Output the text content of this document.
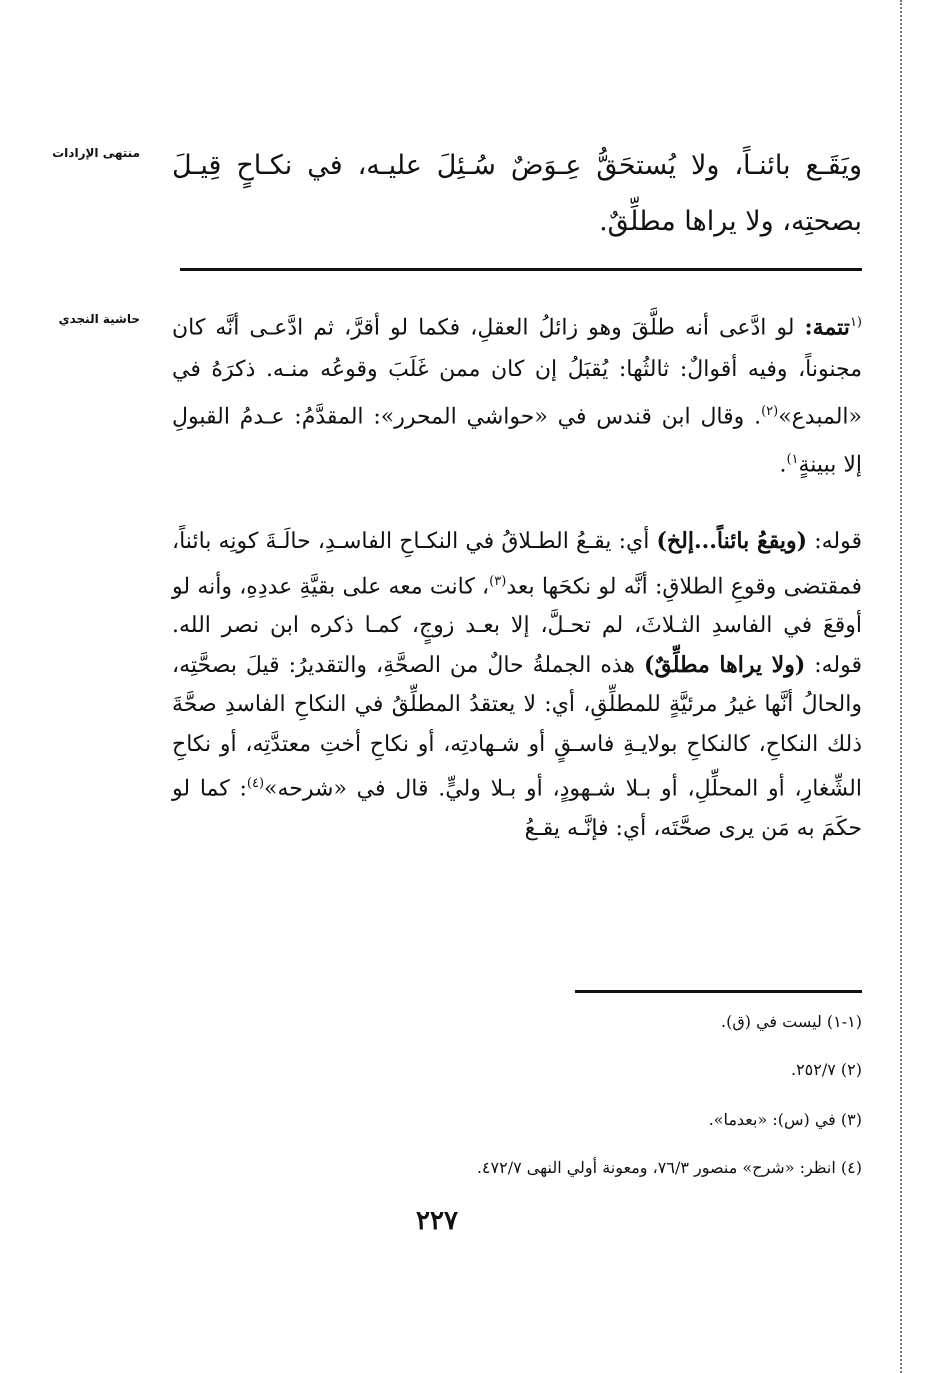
منتهى الإرادات
حاشية النجدي

ويَقَـع بائنـاً، ولا يُستحَقُّ عِـوَضٌ سُـئِلَ عليـه، في نكـاحٍ قِيـلَ بصحتِه، ولا يراها مطلِّقٌ.

$^{(١}$تتمة: لو ادَّعى أنه طلَّقَ وهو زائلُ العقلِ، فكما لو أقرَّ، ثم ادَّعـى أنَّه كان مجنوناً، وفيه أقوالٌ: ثالثُها: يُقبَلُ إن كان ممن غَلَبَ وقوعُه منـه. ذكرَهُ في «المبدع»$^{(٢)}$. وقال ابن قندس في «حواشي المحرر»: المقدَّمُ: عـدمُ القبولِ إلا ببينةٍ$^{١)}$.

قوله: (ويقعُ بائناً...إلخ) أي: يقـعُ الطـلاقُ في النكـاحِ الفاسـدِ، حالَـةَ كونِه بائناً، فمقتضى وقوعِ الطلاقِ: أنَّه لو نكحَها بعد$^{(٣)}$، كانت معه على بقيَّةِ عددِهِ، وأنه لو أوقعَ في الفاسدِ الثـلاثَ، لم تحـلَّ، إلا بعـد زوجٍ، كمـا ذكره ابن نصر الله. قوله: (ولا يراها مطلِّقٌ) هذه الجملةُ حالٌ من الصحَّةِ، والتقديرُ: قيلَ بصحَّتِه، والحالُ أنَّها غيرُ مرئيَّةٍ للمطلِّقِ، أي: لا يعتقدُ المطلِّقُ في النكاحِ الفاسدِ صحَّةَ ذلك النكاحِ، كالنكاحِ بولايـةِ فاسـقٍ أو شـهادتِه، أو نكاحِ أختِ معتدَّتِه، أو نكاحِ الشِّغارِ، أو المحلِّلِ، أو بـلا شـهودٍ، أو بـلا وليٍّ. قال في «شرحه»$^{(٤)}$: كما لو حكَمَ به مَن يرى صحَّتَه، أي: فإنَّـه يقـعُ

(١-١) ليست في (ق).

(٢) ٢٥٢/٧.

(٣) في (س): «بعدما».

(٤) انظر: «شرح» منصور ٧٦/٣، ومعونة أولي النهى ٤٧٢/٧.

٢٢٧
